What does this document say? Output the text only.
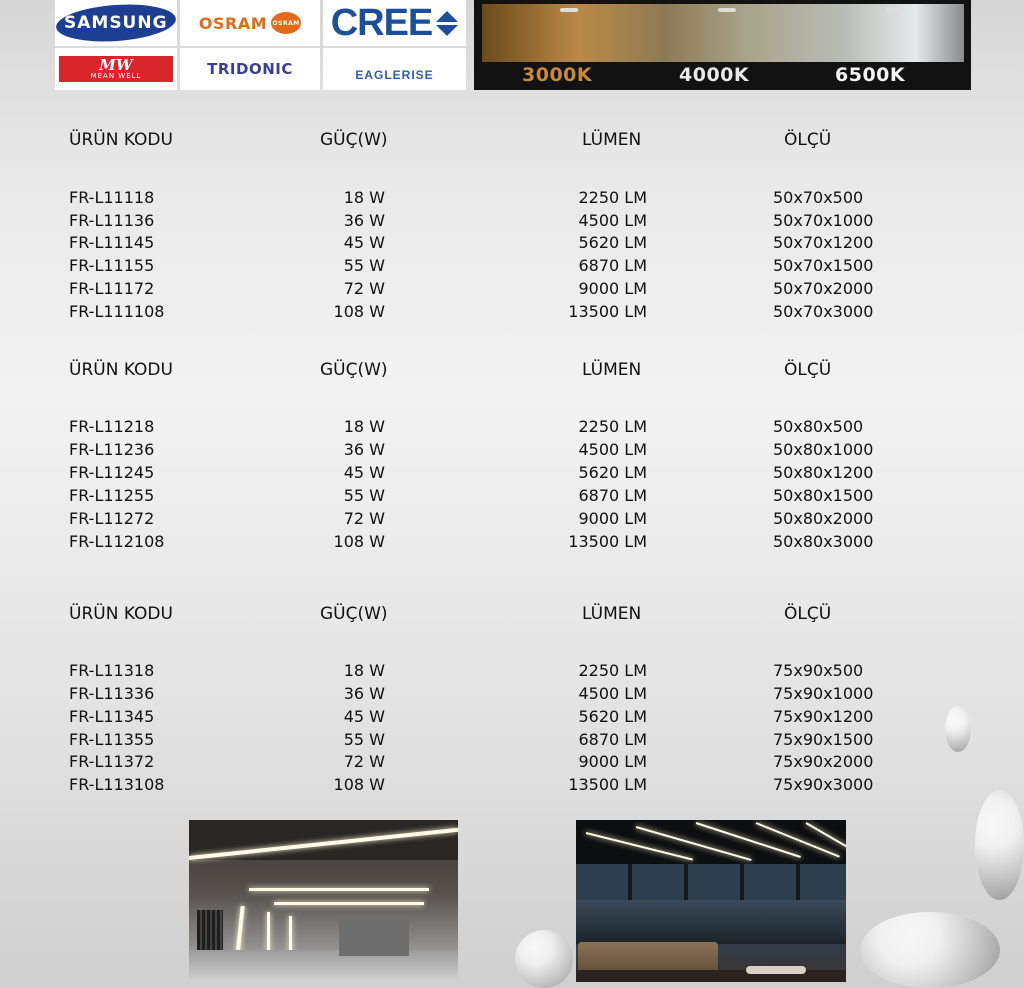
SAMSUNG OSRAM OSRAM CREE
MW
MEAN WELL	TRIDONIC	EAGLERISE	3000K	4000K	6500K
ÜRÜN KODU	GÜÇ(W)	LÜMEN	ÖLÇÜ
FR-L11118	18 W	2250 LM	50x70x500
FR-L11136	36 W	4500 LM	50x70x1000
FR-L11145	45 W	5620 LM	50x70x1200
FR-L11155	55 W	6870 LM	50x70x1500
FR-L11172	72 W	9000 LM	50x70x2000
FR-L111108	108 W	13500 LM	50x70x3000
ÜRÜN KODU	GÜÇ(W)	LÜMEN	ÖLÇÜ
FR-L11218	18 W	2250 LM	50x80x500
FR-L11236	36 W	4500 LM	50x80x1000
FR-L11245	45 W	5620 LM	50x80x1200
FR-L11255	55 W	6870 LM	50x80x1500
FR-L11272	72 W	9000 LM	50x80x2000
FR-L112108	108 W	13500 LM	50x80x3000
ÜRÜN KODU	GÜÇ(W)	LÜMEN	ÖLÇÜ
FR-L11318	18 W	2250 LM	75x90x500
FR-L11336	36 W	4500 LM	75x90x1000
FR-L11345	45 W	5620 LM	75x90x1200
FR-L11355	55 W	6870 LM	75x90x1500
FR-L11372	72 W	9000 LM	75x90x2000
FR-L113108	108 W	13500 LM	75x90x3000
